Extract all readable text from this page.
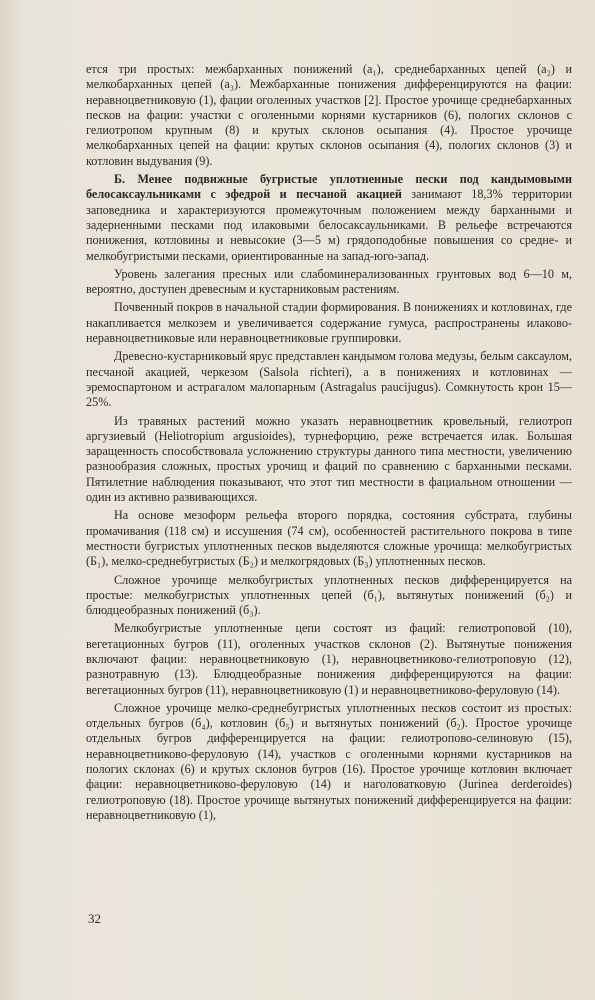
ется три простых: межбарханных понижений (a₁), среднебарханных цепей (a₂) и мелкобарханных цепей (a₃). Межбарханные понижения дифференцируются на фации: неравноцветниковую (1), фации оголенных участков [2]. Простое урочище среднебарханных песков на фации: участки с оголенными корнями кустарников (6), пологих склонов с гелиотропом крупным (8) и крутых склонов осыпания (4). Простое урочище мелкобарханных цепей на фации: крутых склонов осыпания (4), пологих склонов (3) и котловин выдувания (9).

Б. Менее подвижные бугристые уплотненные пески под кандымовыми белосаксаульниками с эфедрой и песчаной акацией занимают 18,3% территории заповедника и характеризуются промежуточным положением между барханными и задерненными песками под илаковыми белосаксаульниками. В рельефе встречаются понижения, котловины и невысокие (3—5 м) грядоподобные повышения со средне- и мелкобугристыми песками, ориентированные на запад-юго-запад.

Уровень залегания пресных или слабоминерализованных грунтовых вод 6—10 м, вероятно, доступен древесным и кустарниковым растениям.

Почвенный покров в начальной стадии формирования. В понижениях и котловинах, где накапливается мелкозем и увеличивается содержание гумуса, распространены илаково-неравноцветниковые или неравноцветниковые группировки.

Древесно-кустарниковый ярус представлен кандымом голова медузы, белым саксаулом, песчаной акацией, черкезом (Salsola richteri), а в понижениях и котловинах — эремоспартоном и астрагалом малопарным (Astragalus paucijugus). Сомкнутость крон 15—25%.

Из травяных растений можно указать неравноцветник кровельный, гелиотроп аргузиевый (Heliotropium argusioides), турнефорцию, реже встречается илак. Большая заращенность способствовала усложнению структуры данного типа местности, увеличению разнообразия сложных, простых урочищ и фаций по сравнению с барханными песками. Пятилетние наблюдения показывают, что этот тип местности в фациальном отношении — один из активно развивающихся.

На основе мезоформ рельефа второго порядка, состояния субстрата, глубины промачивания (118 см) и иссушения (74 см), особенностей растительного покрова в типе местности бугристых уплотненных песков выделяются сложные урочища: мелкобугристых (Б₁), мелко-среднебугристых (Б₂) и мелкогрядовых (Б₃) уплотненных песков.

Сложное урочище мелкобугристых уплотненных песков дифференцируется на простые: мелкобугристых уплотненных цепей (б₁), вытянутых понижений (б₂) и блюдцеобразных понижений (б₃).

Мелкобугристые уплотненные цепи состоят из фаций: гелиотроповой (10), вегетационных бугров (11), оголенных участков склонов (2). Вытянутые понижения включают фации: неравноцветниковую (1), неравноцветниково-гелиотроповую (12), разнотравную (13). Блюдцеобразные понижения дифференцируются на фации: вегетационных бугров (11), неравноцветниковую (1) и неравноцветниково-феруловую (14).

Сложное урочище мелко-среднебугристых уплотненных песков состоит из простых: отдельных бугров (б₄), котловин (б₅) и вытянутых понижений (б₂). Простое урочище отдельных бугров дифференцируется на фации: гелиотропово-селиновую (15), неравноцветниково-феруловую (14), участков с оголенными корнями кустарников на пологих склонах (6) и крутых склонов бугров (16). Простое урочище котловин включает фации: неравноцветниково-феруловую (14) и наголоватковую (Jurinea derderoides) гелиотроповую (18). Простое урочище вытянутых понижений дифференцируется на фации: неравноцветниковую (1),

32
